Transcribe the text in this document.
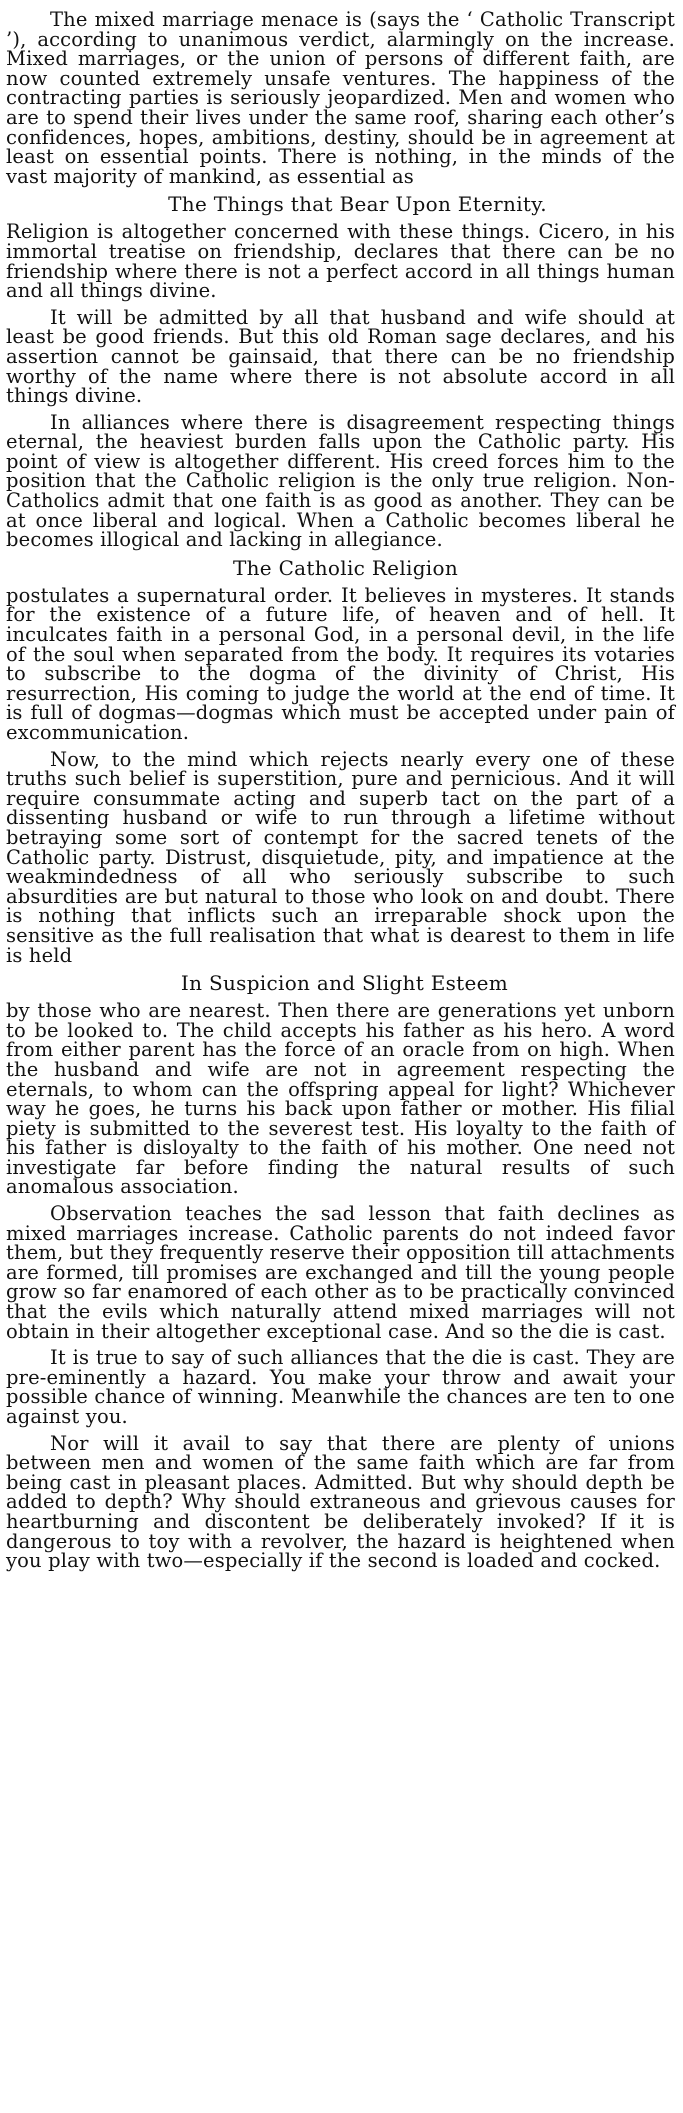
The mixed marriage menace is (says the ‘ Catholic Transcript ’), according to unanimous verdict, alarmingly on the increase. Mixed marriages, or the union of persons of different faith, are now counted extremely unsafe ventures. The happiness of the contracting parties is seriously jeopardized. Men and women who are to spend their lives under the same roof, sharing each other’s confidences, hopes, ambitions, destiny, should be in agreement at least on essential points. There is nothing, in the minds of the vast majority of mankind, as essential as

The Things that Bear Upon Eternity.

Religion is altogether concerned with these things. Cicero, in his immortal treatise on friendship, declares that there can be no friendship where there is not a perfect accord in all things human and all things divine.

It will be admitted by all that husband and wife should at least be good friends. But this old Roman sage declares, and his assertion cannot be gainsaid, that there can be no friendship worthy of the name where there is not absolute accord in all things divine.

In alliances where there is disagreement respecting things eternal, the heaviest burden falls upon the Catholic party. His point of view is altogether different. His creed forces him to the position that the Catholic religion is the only true religion. Non-Catholics admit that one faith is as good as another. They can be at once liberal and logical. When a Catholic becomes liberal he becomes illogical and lacking in allegiance.

The Catholic Religion

postulates a supernatural order. It believes in mysteres. It stands for the existence of a future life, of heaven and of hell. It inculcates faith in a personal God, in a personal devil, in the life of the soul when separated from the body. It requires its votaries to subscribe to the dogma of the divinity of Christ, His resurrection, His coming to judge the world at the end of time. It is full of dogmas—dogmas which must be accepted under pain of excommunication.

Now, to the mind which rejects nearly every one of these truths such belief is superstition, pure and pernicious. And it will require consummate acting and superb tact on the part of a dissenting husband or wife to run through a lifetime without betraying some sort of contempt for the sacred tenets of the Catholic party. Distrust, disquietude, pity, and impatience at the weakmindedness of all who seriously subscribe to such absurdities are but natural to those who look on and doubt. There is nothing that inflicts such an irreparable shock upon the sensitive as the full realisation that what is dearest to them in life is held

In Suspicion and Slight Esteem

by those who are nearest. Then there are generations yet unborn to be looked to. The child accepts his father as his hero. A word from either parent has the force of an oracle from on high. When the husband and wife are not in agreement respecting the eternals, to whom can the offspring appeal for light? Whichever way he goes, he turns his back upon father or mother. His filial piety is submitted to the severest test. His loyalty to the faith of his father is disloyalty to the faith of his mother. One need not investigate far before finding the natural results of such anomalous association.

Observation teaches the sad lesson that faith declines as mixed marriages increase. Catholic parents do not indeed favor them, but they frequently reserve their opposition till attachments are formed, till promises are exchanged and till the young people grow so far enamored of each other as to be practically convinced that the evils which naturally attend mixed marriages will not obtain in their altogether exceptional case. And so the die is cast.

It is true to say of such alliances that the die is cast. They are pre-eminently a hazard. You make your throw and await your possible chance of winning. Meanwhile the chances are ten to one against you.

Nor will it avail to say that there are plenty of unions between men and women of the same faith which are far from being cast in pleasant places. Admitted. But why should depth be added to depth? Why should extraneous and grievous causes for heartburning and discontent be deliberately invoked? If it is dangerous to toy with a revolver, the hazard is heightened when you play with two—especially if the second is loaded and cocked.
